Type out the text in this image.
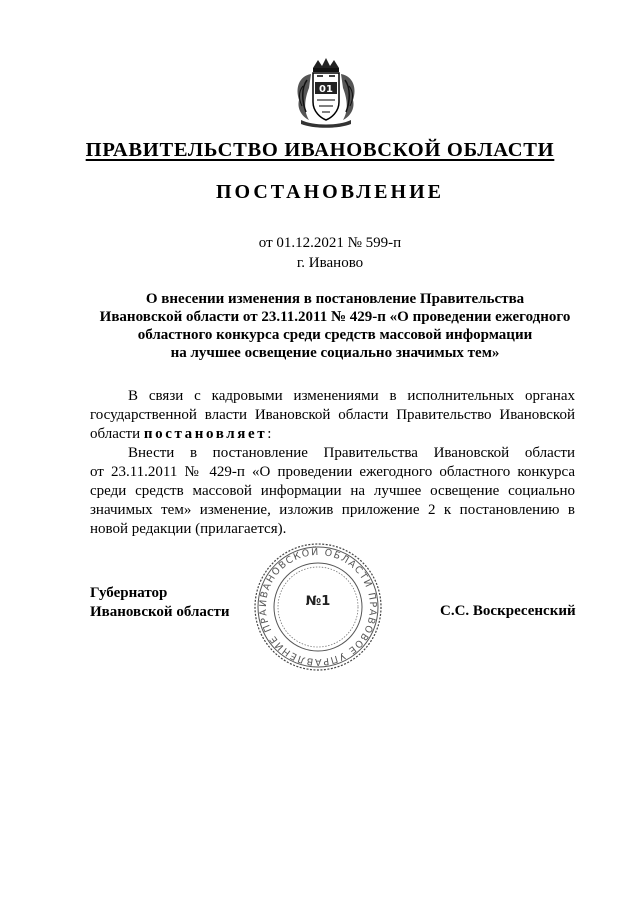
01
ПРАВИТЕЛЬСТВО ИВАНОВСКОЙ ОБЛАСТИ
ПОСТАНОВЛЕНИЕ
от 01.12.2021 № 599-п
г. Иваново
О внесении изменения в постановление Правительства
Ивановской области от 23.11.2011 № 429-п «О проведении ежегодного
областного конкурса среди средств массовой информации
на лучшее освещение социально значимых тем»
В связи с кадровыми изменениями в исполнительных органах
государственной власти Ивановской области Правительство Ивановской
области постановляет:
Внести в постановление Правительства Ивановской области
от 23.11.2011 № 429-п «О проведении ежегодного областного конкурса
среди средств массовой информации на лучшее освещение социально
значимых тем» изменение, изложив приложение 2 к постановлению в
новой редакции (прилагается).
Губернатор
Ивановской области
ИВАНОВСКОЙ ОБЛАСТИ ПРАВОВОЕ УПРАВЛЕНИЕ ПРА
№1
С.С. Воскресенский
